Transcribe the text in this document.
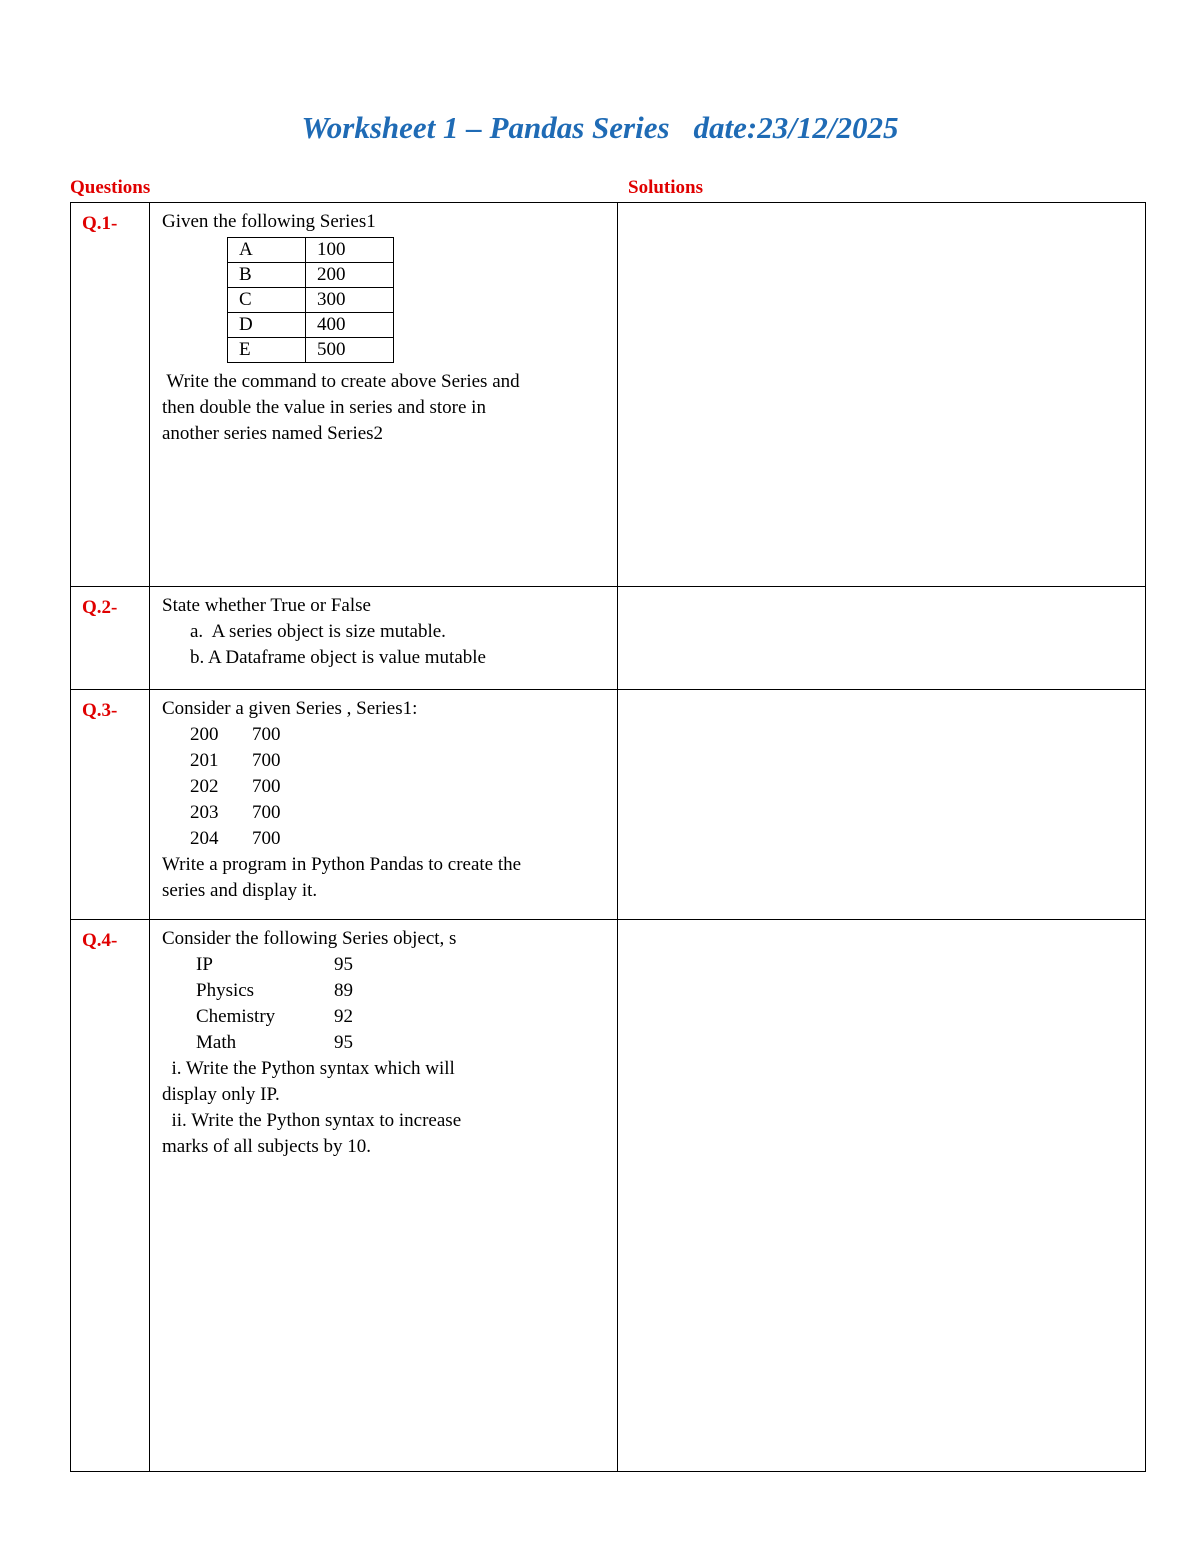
Worksheet 1 – Pandas Series date:23/12/2025
Questions	Solutions
Q.1-	Given the following Series1
A	100
B	200
C	300
D	400
E	500
Write the command to create above Series and
then double the value in series and store in
another series named Series2

Q.2-	State whether True or False
a.  A series object is size mutable.
b. A Dataframe object is value mutable

Q.3-	Consider a given Series , Series1:
200	700
201	700
202	700
203	700
204	700
Write a program in Python Pandas to create the
series and display it.

Q.4-	Consider the following Series object, s
IP	95
Physics	89
Chemistry	92
Math	95
i. Write the Python syntax which will
display only IP.
ii. Write the Python syntax to increase
marks of all subjects by 10.
